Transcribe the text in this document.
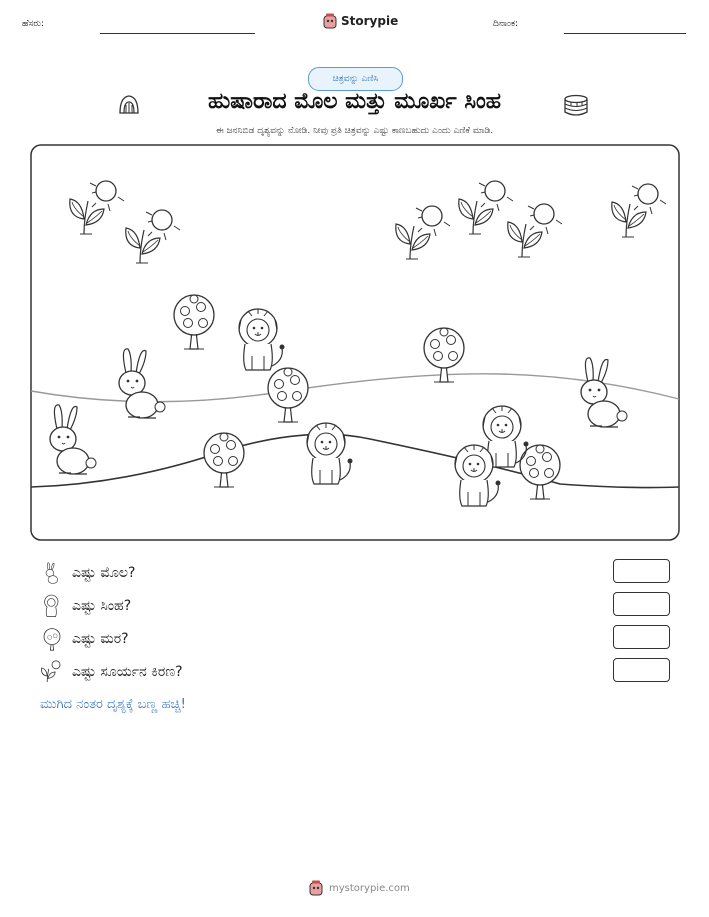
ಹೆಸರು:	Storypie	ದಿನಾಂಕ:
ಚಿತ್ರವನ್ನು ಎಣಿಸಿ
ಹುಷಾರಾದ ಮೊಲ ಮತ್ತು ಮೂರ್ಖ ಸಿಂಹ
ಈ ಜನನಿಬಿಡ ದೃಶ್ಯವನ್ನು ನೋಡಿ. ನೀವು ಪ್ರತಿ ಚಿತ್ರವನ್ನು ಎಷ್ಟು ಕಾಣಬಹುದು ಎಂದು ಎಣಿಕೆ ಮಾಡಿ.
ಎಷ್ಟು ಮೊಲ?
ಎಷ್ಟು ಸಿಂಹ?
ಎಷ್ಟು ಮರ?
ಎಷ್ಟು ಸೂರ್ಯನ ಕಿರಣ?
ಮುಗಿದ ನಂತರ ದೃಶ್ಯಕ್ಕೆ ಬಣ್ಣ ಹಚ್ಚಿ!
mystorypie.com
